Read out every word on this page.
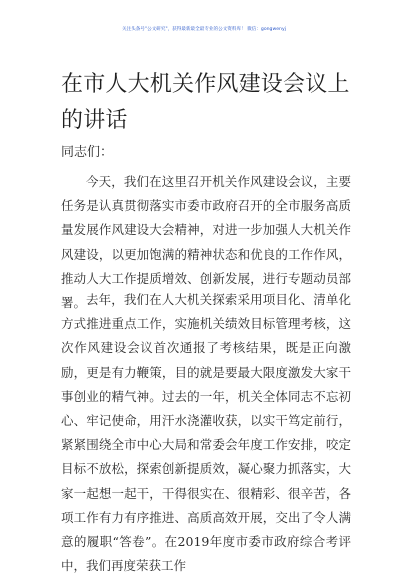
关注头条号"公文研究"，获得最新最全最专业的公文资料库！ 微信：gongwenyj
在市人大机关作风建设会议上的讲话

同志们：

今天，我们在这里召开机关作风建设会议，主要任务是认真贯彻落实市委市政府召开的全市服务高质量发展作风建设大会精神，对进一步加强人大机关作风建设，以更加饱满的精神状态和优良的工作作风，推动人大工作提质增效、创新发展，进行专题动员部署。 去年，我们在人大机关探索采用项目化、清单化方式推进重点工作，实施机关绩效目标管理考核，这次作风建设会议首次通报了考核结果，既是正向激励，更是有力鞭策，目的就是要最大限度激发大家干事创业的精气神。过去的一年，机关全体同志不忘初心、牢记使命，用汗水浇灌收获，以实干笃定前行，紧紧围绕全市中心大局和常委会年度工作安排，咬定目标不放松，探索创新提质效，凝心聚力抓落实，大家一起想一起干，干得很实在、很精彩、很辛苦，各项工作有力有序推进、高质高效开展，交出了令人满意的履职“答卷”。在2019年度市委市政府综合考评中，我们再度荣获工作
